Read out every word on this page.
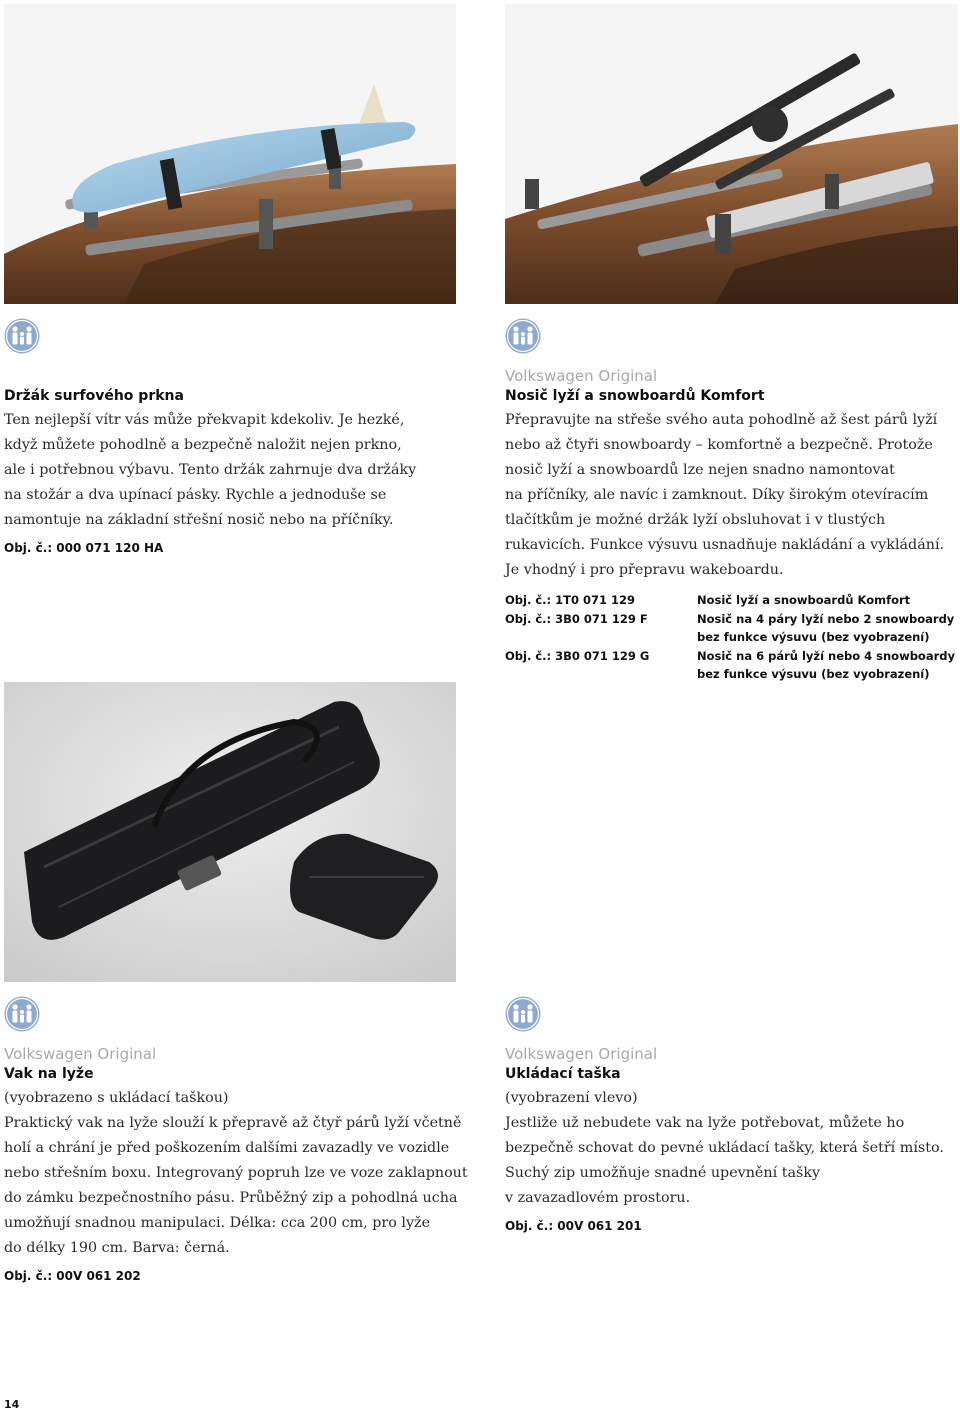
Držák surfového prkna

Ten nejlepší vítr vás může překvapit kdekoliv. Je hezké,
když můžete pohodlně a bezpečně naložit nejen prkno,
ale i potřebnou výbavu. Tento držák zahrnuje dva držáky
na stožár a dva upínací pásky. Rychle a jednoduše se
namontuje na základní střešní nosič nebo na příčníky.

Obj. č.: 000 071 120 HA
Volkswagen Original
Nosič lyží a snowboardů Komfort

Přepravujte na střeše svého auta pohodlně až šest párů lyží
nebo až čtyři snowboardy – komfortně a bezpečně. Protože
nosič lyží a snowboardů lze nejen snadno namontovat
na příčníky, ale navíc i zamknout. Díky širokým otevíracím
tlačítkům je možné držák lyží obsluhovat i v tlustých
rukavicích. Funkce výsuvu usnadňuje nakládání a vykládání.
Je vhodný i pro přepravu wakeboardu.

Obj. č.: 1T0 071 129	Nosič lyží a snowboardů Komfort
Obj. č.: 3B0 071 129 F	Nosič na 4 páry lyží nebo 2 snowboardy
bez funkce výsuvu (bez vyobrazení)
Obj. č.: 3B0 071 129 G	Nosič na 6 párů lyží nebo 4 snowboardy
bez funkce výsuvu (bez vyobrazení)
Volkswagen Original
Vak na lyže

(vyobrazeno s ukládací taškou)
Praktický vak na lyže slouží k přepravě až čtyř párů lyží včetně
holí a chrání je před poškozením dalšími zavazadly ve vozidle
nebo střešním boxu. Integrovaný popruh lze ve voze zaklapnout
do zámku bezpečnostního pásu. Průběžný zip a pohodlná ucha
umožňují snadnou manipulaci. Délka: cca 200 cm, pro lyže
do délky 190 cm. Barva: černá.

Obj. č.: 00V 061 202
Volkswagen Original
Ukládací taška

(vyobrazení vlevo)
Jestliže už nebudete vak na lyže potřebovat, můžete ho
bezpečně schovat do pevné ukládací tašky, která šetří místo.
Suchý zip umožňuje snadné upevnění tašky
v zavazadlovém prostoru.

Obj. č.: 00V 061 201
14
